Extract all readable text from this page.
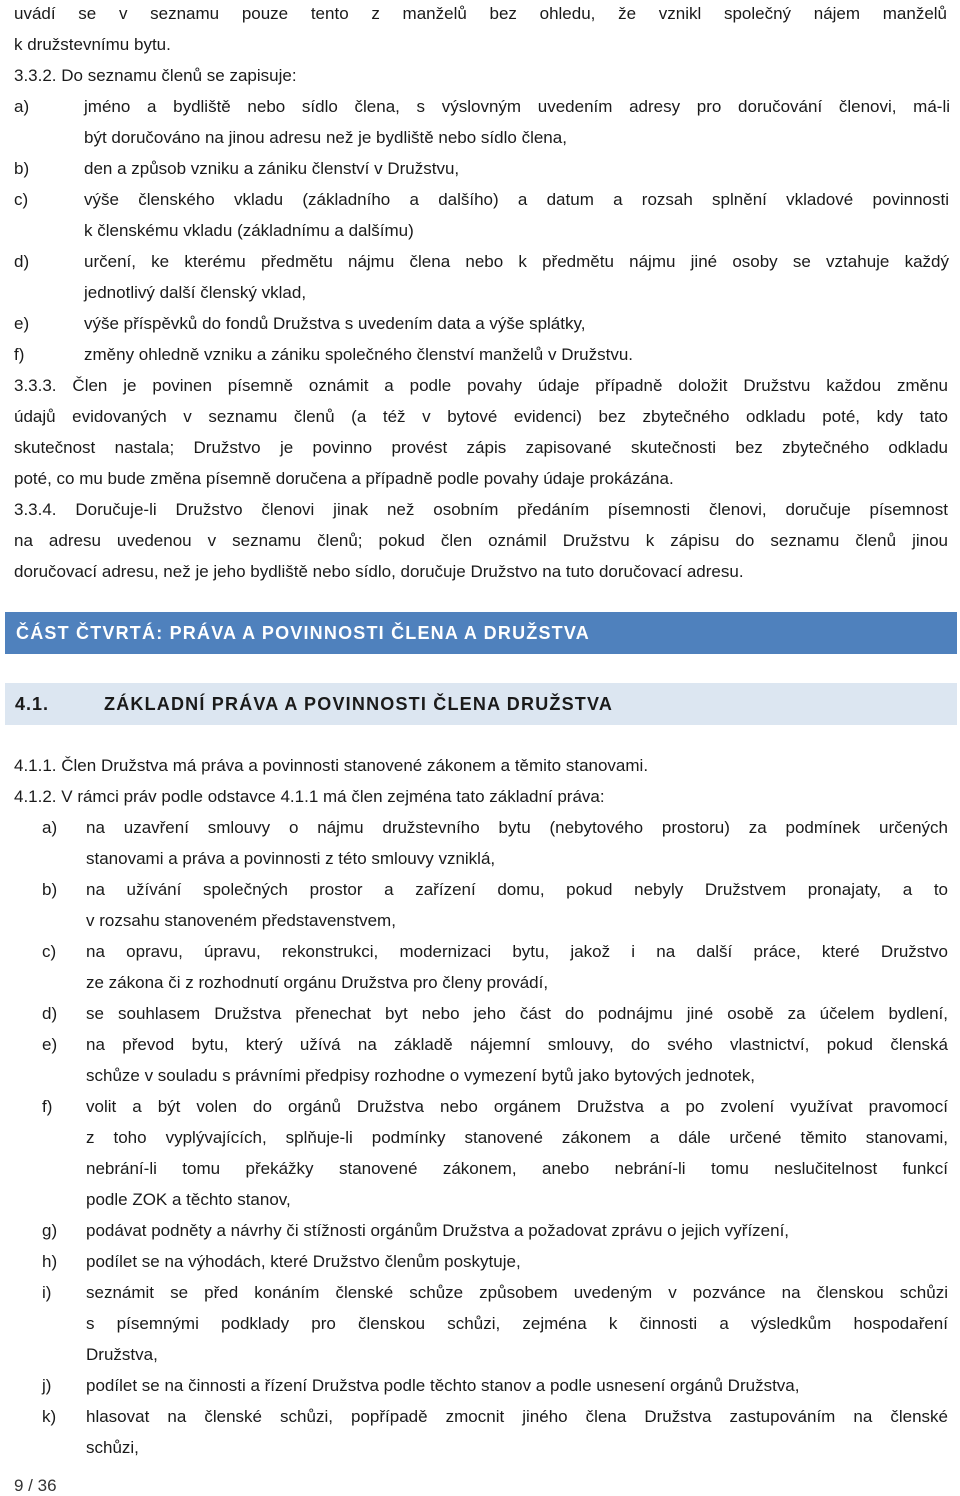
uvádí se v seznamu pouze tento z manželů bez ohledu, že vznikl společný nájem manželů
k družstevnímu bytu.
3.3.2. Do seznamu členů se zapisuje:
a)	jméno a bydliště nebo sídlo člena, s výslovným uvedením adresy pro doručování členovi, má-li
být doručováno na jinou adresu než je bydliště nebo sídlo člena,
b)	den a způsob vzniku a zániku členství v Družstvu,
c)	výše členského vkladu (základního a dalšího) a datum a rozsah splnění vkladové povinnosti
k členskému vkladu (základnímu a dalšímu)
d)	určení, ke kterému předmětu nájmu člena nebo k předmětu nájmu jiné osoby se vztahuje každý
jednotlivý další členský vklad,
e)	výše příspěvků do fondů Družstva s uvedením data a výše splátky,
f)	změny ohledně vzniku a zániku společného členství manželů v Družstvu.
3.3.3. Člen je povinen písemně oznámit a podle povahy údaje případně doložit Družstvu každou změnu
údajů evidovaných v seznamu členů (a též v bytové evidenci) bez zbytečného odkladu poté, kdy tato
skutečnost nastala; Družstvo je povinno provést zápis zapisované skutečnosti bez zbytečného odkladu
poté, co mu bude změna písemně doručena a případně podle povahy údaje prokázána.
3.3.4. Doručuje-li Družstvo členovi jinak než osobním předáním písemnosti členovi, doručuje písemnost
na adresu uvedenou v seznamu členů; pokud člen oznámil Družstvu k zápisu do seznamu členů jinou
doručovací adresu, než je jeho bydliště nebo sídlo, doručuje Družstvo na tuto doručovací adresu.
ČÁST ČTVRTÁ: PRÁVA A POVINNOSTI ČLENA A DRUŽSTVA
4.1.	ZÁKLADNÍ PRÁVA A POVINNOSTI ČLENA DRUŽSTVA
4.1.1. Člen Družstva má práva a povinnosti stanovené zákonem a těmito stanovami.
4.1.2. V rámci práv podle odstavce 4.1.1 má člen zejména tato základní práva:
a) na uzavření smlouvy o nájmu družstevního bytu (nebytového prostoru) za podmínek určených
stanovami a práva a povinnosti z této smlouvy vzniklá,
b) na užívání společných prostor a zařízení domu, pokud nebyly Družstvem pronajaty, a to
v rozsahu stanoveném představenstvem,
c) na opravu, úpravu, rekonstrukci, modernizaci bytu, jakož i na další práce, které Družstvo
ze zákona či z rozhodnutí orgánu Družstva pro členy provádí,
d) se souhlasem Družstva přenechat byt nebo jeho část do podnájmu jiné osobě za účelem bydlení,
e) na převod bytu, který užívá na základě nájemní smlouvy, do svého vlastnictví, pokud členská
schůze v souladu s právními předpisy rozhodne o vymezení bytů jako bytových jednotek,
f) volit a být volen do orgánů Družstva nebo orgánem Družstva a po zvolení využívat pravomocí
z toho vyplývajících, splňuje-li podmínky stanovené zákonem a dále určené těmito stanovami,
nebrání-li tomu překážky stanovené zákonem, anebo nebrání-li tomu neslučitelnost funkcí
podle ZOK a těchto stanov,
g) podávat podněty a návrhy či stížnosti orgánům Družstva a požadovat zprávu o jejich vyřízení,
h) podílet se na výhodách, které Družstvo členům poskytuje,
i) seznámit se před konáním členské schůze způsobem uvedeným v pozvánce na členskou schůzi
s písemnými podklady pro členskou schůzi, zejména k činnosti a výsledkům hospodaření
Družstva,
j) podílet se na činnosti a řízení Družstva podle těchto stanov a podle usnesení orgánů Družstva,
k) hlasovat na členské schůzi, popřípadě zmocnit jiného člena Družstva zastupováním na členské
schůzi,
9 / 36
